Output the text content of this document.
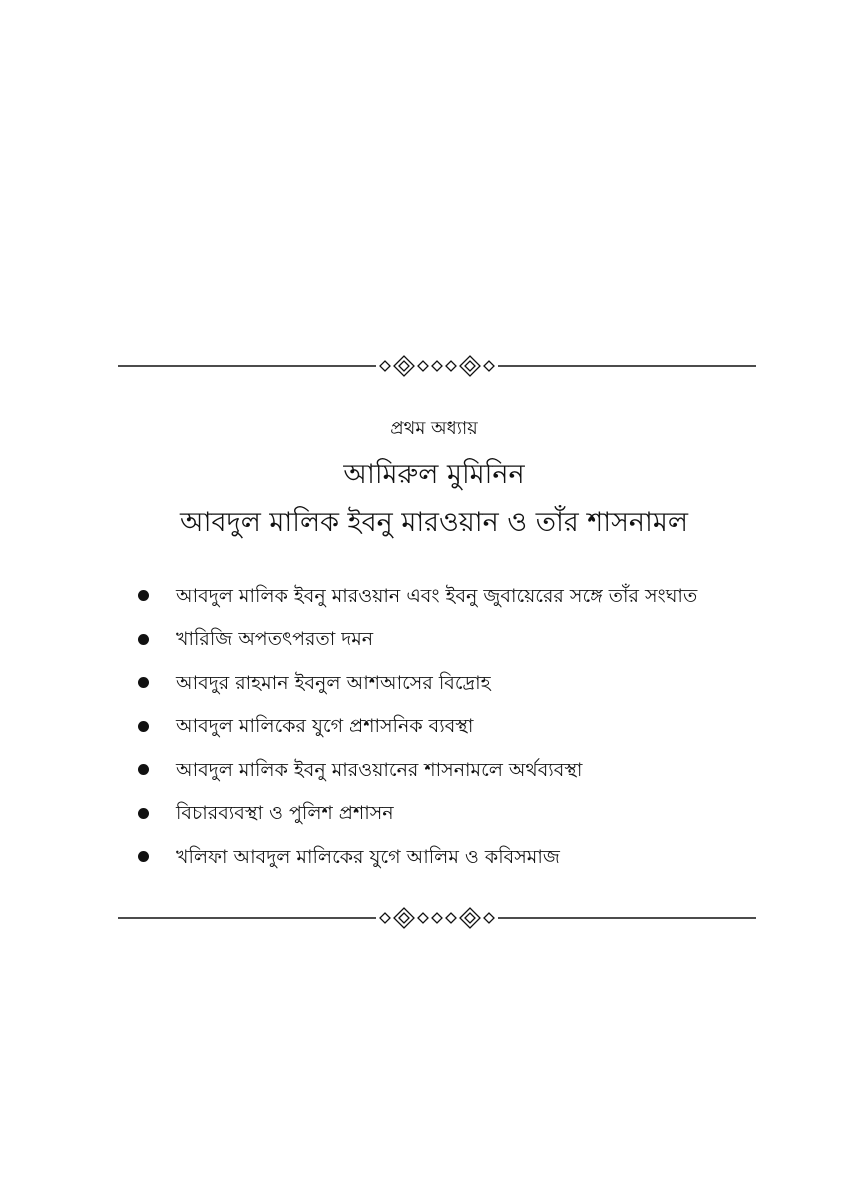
প্রথম অধ্যায়
আমিরুল মুমিনিন
আবদুল মালিক ইবনু মারওয়ান ও তাঁর শাসনামল
আবদুল মালিক ইবনু মারওয়ান এবং ইবনু জুবায়েরের সঙ্গে তাঁর সংঘাত
খারিজি অপতৎপরতা দমন
আবদুর রাহমান ইবনুল আশআসের বিদ্রোহ
আবদুল মালিকের যুগে প্রশাসনিক ব্যবস্থা
আবদুল মালিক ইবনু মারওয়ানের শাসনামলে অর্থব্যবস্থা
বিচারব্যবস্থা ও পুলিশ প্রশাসন
খলিফা আবদুল মালিকের যুগে আলিম ও কবিসমাজ
